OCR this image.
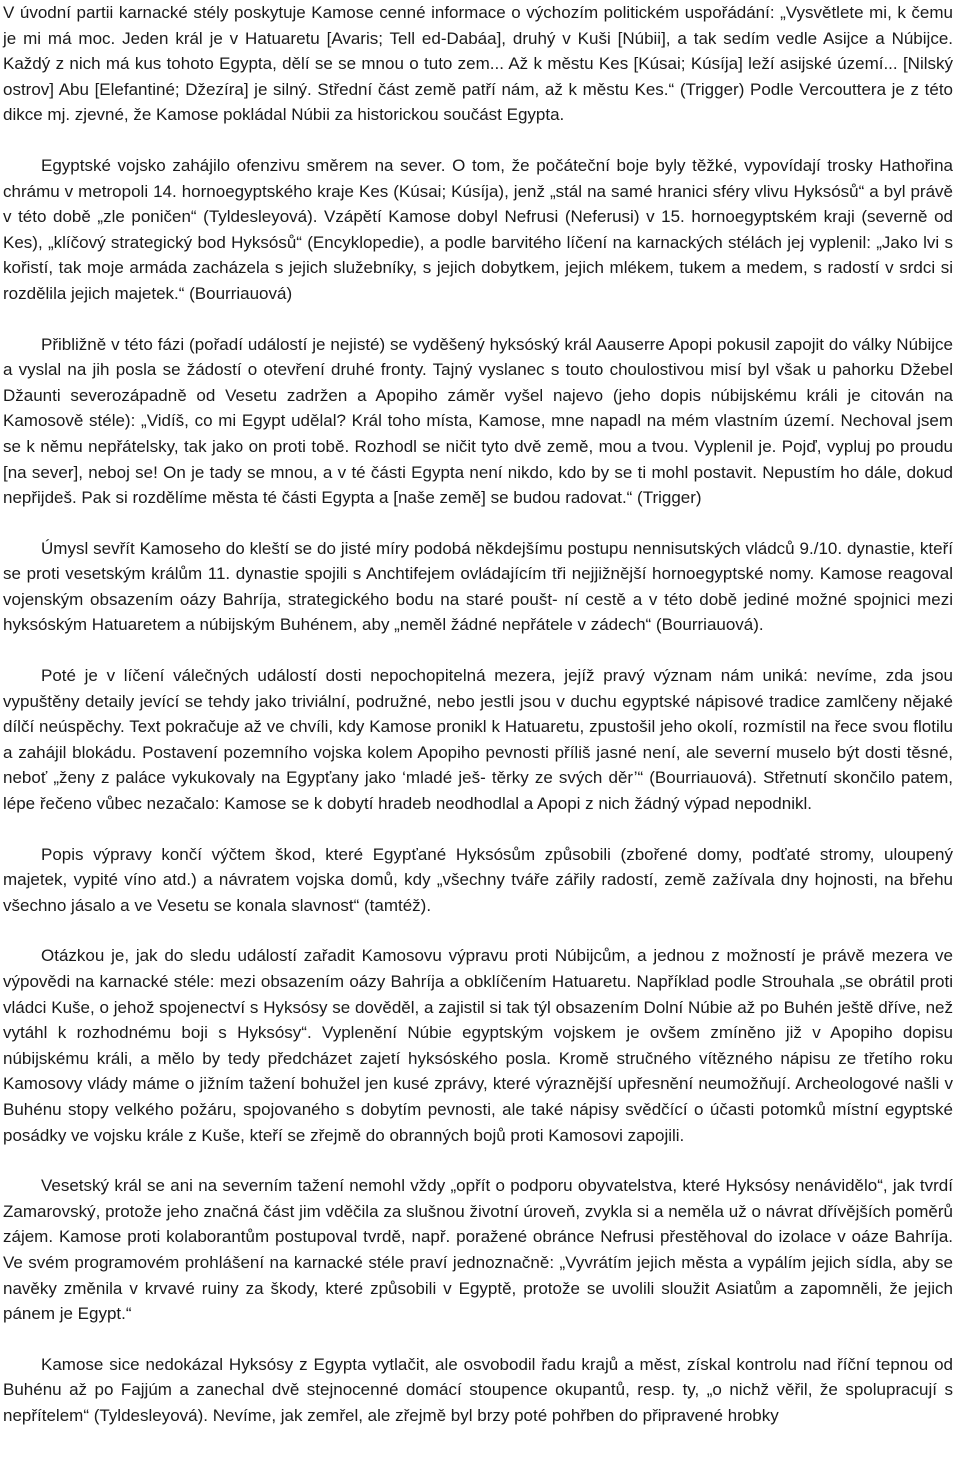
V úvodní partii karnacké stély poskytuje Kamose cenné informace o výchozím politickém uspořádání: „Vysvětlete mi, k čemu je mi má moc. Jeden král je v Hatuaretu [Avaris; Tell ed-Dabáa], druhý v Kuši [Núbii], a tak sedím vedle Asijce a Núbijce. Každý z nich má kus tohoto Egypta, dělí se se mnou o tuto zem... Až k městu Kes [Kúsai; Kúsíja] leží asijské území... [Nilský ostrov] Abu [Elefantiné; Džezíra] je silný. Střední část země patří nám, až k městu Kes.“ (Trigger) Podle Vercouttera je z této dikce mj. zjevné, že Kamose pokládal Núbii za historickou součást Egypta.

Egyptské vojsko zahájilo ofenzivu směrem na sever. O tom, že počáteční boje byly těžké, vypovídají trosky Hathořina chrámu v metropoli 14. hornoegyptského kraje Kes (Kúsai; Kúsíja), jenž „stál na samé hranici sféry vlivu Hyksósů“ a byl právě v této době „zle poničen“ (Tyldesleyová). Vzápětí Kamose dobyl Nefrusi (Neferusi) v 15. hornoegyptském kraji (severně od Kes), „klíčový strategický bod Hyksósů“ (Encyklopedie), a podle barvitého líčení na karnackých stélách jej vyplenil: „Jako lvi s kořistí, tak moje armáda zacházela s jejich služebníky, s jejich dobytkem, jejich mlékem, tukem a medem, s radostí v srdci si rozdělila jejich majetek.“ (Bourriauová)

Přibližně v této fázi (pořadí událostí je nejisté) se vyděšený hyksóský král Aauserre Apopi pokusil zapojit do války Núbijce a vyslal na jih posla se žádostí o otevření druhé fronty. Tajný vyslanec s touto choulostivou misí byl však u pahorku Džebel Džaunti severozápadně od Vesetu zadržen a Apopiho záměr vyšel najevo (jeho dopis núbijskému králi je citován na Kamosově stéle): „Vidíš, co mi Egypt udělal? Král toho místa, Kamose, mne napadl na mém vlastním území. Nechoval jsem se k němu nepřátelsky, tak jako on proti tobě. Rozhodl se ničit tyto dvě země, mou a tvou. Vyplenil je. Pojď, vypluj po proudu [na sever], neboj se! On je tady se mnou, a v té části Egypta není nikdo, kdo by se ti mohl postavit. Nepustím ho dále, dokud nepřijdeš. Pak si rozdělíme města té části Egypta a [naše země] se budou radovat.“ (Trigger)

Úmysl sevřít Kamoseho do kleští se do jisté míry podobá někdejšímu postupu nennisutských vládců 9./10. dynastie, kteří se proti vesetským králům 11. dynastie spojili s Anchtifejem ovládajícím tři nejjižnější hornoegyptské nomy. Kamose reagoval vojenským obsazením oázy Bahríja, strategického bodu na staré poušt- ní cestě a v této době jediné možné spojnici mezi hyksóským Hatuaretem a núbijským Buhénem, aby „neměl žádné nepřátele v zádech“ (Bourriauová).

Poté je v líčení válečných událostí dosti nepochopitelná mezera, jejíž pravý význam nám uniká: nevíme, zda jsou vypuštěny detaily jevící se tehdy jako triviální, podružné, nebo jestli jsou v duchu egyptské nápisové tradice zamlčeny nějaké dílčí neúspěchy. Text pokračuje až ve chvíli, kdy Kamose pronikl k Hatuaretu, zpustošil jeho okolí, rozmístil na řece svou flotilu a zahájil blokádu. Postavení pozemního vojska kolem Apopiho pevnosti příliš jasné není, ale severní muselo být dosti těsné, neboť „ženy z paláce vykukovaly na Egypťany jako ‘mladé ješ- těrky ze svých děr’“ (Bourriauová). Střetnutí skončilo patem, lépe řečeno vůbec nezačalo: Kamose se k dobytí hradeb neodhodlal a Apopi z nich žádný výpad nepodnikl.

Popis výpravy končí výčtem škod, které Egypťané Hyksósům způsobili (zbořené domy, podťaté stromy, uloupený majetek, vypité víno atd.) a návratem vojska domů, kdy „všechny tváře zářily radostí, země zažívala dny hojnosti, na břehu všechno jásalo a ve Vesetu se konala slavnost“ (tamtéž).

Otázkou je, jak do sledu událostí zařadit Kamosovu výpravu proti Núbijcům, a jednou z možností je právě mezera ve výpovědi na karnacké stéle: mezi obsazením oázy Bahríja a obklíčením Hatuaretu. Například podle Strouhala „se obrátil proti vládci Kuše, o jehož spojenectví s Hyksósy se dověděl, a zajistil si tak týl obsazením Dolní Núbie až po Buhén ještě dříve, než vytáhl k rozhodnému boji s Hyksósy“. Vyplenění Núbie egyptským vojskem je ovšem zmíněno již v Apopiho dopisu núbijskému králi, a mělo by tedy předcházet zajetí hyksóského posla. Kromě stručného vítězného nápisu ze třetího roku Kamosovy vlády máme o jižním tažení bohužel jen kusé zprávy, které výraznější upřesnění neumožňují. Archeologové našli v Buhénu stopy velkého požáru, spojovaného s dobytím pevnosti, ale také nápisy svědčící o účasti potomků místní egyptské posádky ve vojsku krále z Kuše, kteří se zřejmě do obranných bojů proti Kamosovi zapojili.

Vesetský král se ani na severním tažení nemohl vždy „opřít o podporu obyvatelstva, které Hyksósy nenávidělo“, jak tvrdí Zamarovský, protože jeho značná část jim vděčila za slušnou životní úroveň, zvykla si a neměla už o návrat dřívějších poměrů zájem. Kamose proti kolaborantům postupoval tvrdě, např. poražené obránce Nefrusi přestěhoval do izolace v oáze Bahríja. Ve svém programovém prohlášení na karnacké stéle praví jednoznačně: „Vyvrátím jejich města a vypálím jejich sídla, aby se navěky změnila v krvavé ruiny za škody, které způsobili v Egyptě, protože se uvolili sloužit Asiatům a zapomněli, že jejich pánem je Egypt.“

Kamose sice nedokázal Hyksósy z Egypta vytlačit, ale osvobodil řadu krajů a měst, získal kontrolu nad říční tepnou od Buhénu až po Fajjúm a zanechal dvě stejnocenné domácí stoupence okupantů, resp. ty, „o nichž věřil, že spolupracují s nepřítelem“ (Tyldesleyová). Nevíme, jak zemřel, ale zřejmě byl brzy poté pohřben do připravené hrobky
